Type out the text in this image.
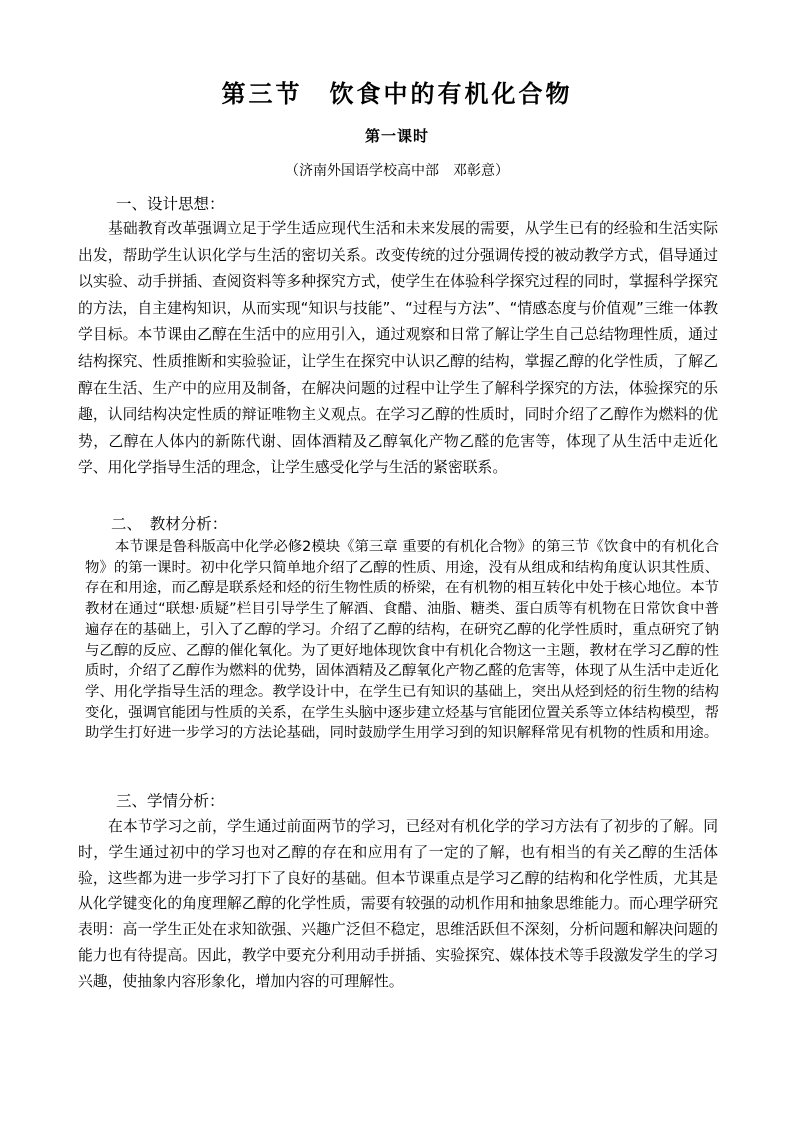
第三节　饮食中的有机化合物
第一课时
（济南外国语学校高中部　邓彰意）
一、设计思想：

基础教育改革强调立足于学生适应现代生活和未来发展的需要，从学生已有的经验和生活实际出发，帮助学生认识化学与生活的密切关系。改变传统的过分强调传授的被动教学方式，倡导通过以实验、动手拼插、查阅资料等多种探究方式，使学生在体验科学探究过程的同时，掌握科学探究的方法，自主建构知识，从而实现“知识与技能”、“过程与方法”、“情感态度与价值观”三维一体教学目标。本节课由乙醇在生活中的应用引入，通过观察和日常了解让学生自己总结物理性质，通过结构探究、性质推断和实验验证，让学生在探究中认识乙醇的结构，掌握乙醇的化学性质，了解乙醇在生活、生产中的应用及制备，在解决问题的过程中让学生了解科学探究的方法，体验探究的乐趣，认同结构决定性质的辩证唯物主义观点。在学习乙醇的性质时，同时介绍了乙醇作为燃料的优势，乙醇在人体内的新陈代谢、固体酒精及乙醇氧化产物乙醛的危害等，体现了从生活中走近化学、用化学指导生活的理念，让学生感受化学与生活的紧密联系。

二、　教材分析：

本节课是鲁科版高中化学必修2模块《第三章 重要的有机化合物》的第三节《饮食中的有机化合物》的第一课时。初中化学只简单地介绍了乙醇的性质、用途，没有从组成和结构角度认识其性质、存在和用途，而乙醇是联系烃和烃的衍生物性质的桥梁，在有机物的相互转化中处于核心地位。本节教材在通过“联想·质疑”栏目引导学生了解酒、食醋、油脂、糖类、蛋白质等有机物在日常饮食中普遍存在的基础上，引入了乙醇的学习。介绍了乙醇的结构，在研究乙醇的化学性质时，重点研究了钠与乙醇的反应、乙醇的催化氧化。为了更好地体现饮食中有机化合物这一主题，教材在学习乙醇的性质时，介绍了乙醇作为燃料的优势，固体酒精及乙醇氧化产物乙醛的危害等，体现了从生活中走近化学、用化学指导生活的理念。教学设计中，在学生已有知识的基础上，突出从烃到烃的衍生物的结构变化，强调官能团与性质的关系，在学生头脑中逐步建立烃基与官能团位置关系等立体结构模型，帮助学生打好进一步学习的方法论基础，同时鼓励学生用学习到的知识解释常见有机物的性质和用途。

三、学情分析：

在本节学习之前，学生通过前面两节的学习，已经对有机化学的学习方法有了初步的了解。同时，学生通过初中的学习也对乙醇的存在和应用有了一定的了解，也有相当的有关乙醇的生活体验，这些都为进一步学习打下了良好的基础。但本节课重点是学习乙醇的结构和化学性质，尤其是从化学键变化的角度理解乙醇的化学性质，需要有较强的动机作用和抽象思维能力。而心理学研究表明：高一学生正处在求知欲强、兴趣广泛但不稳定，思维活跃但不深刻，分析问题和解决问题的能力也有待提高。因此，教学中要充分利用动手拼插、实验探究、媒体技术等手段激发学生的学习兴趣，使抽象内容形象化，增加内容的可理解性。
